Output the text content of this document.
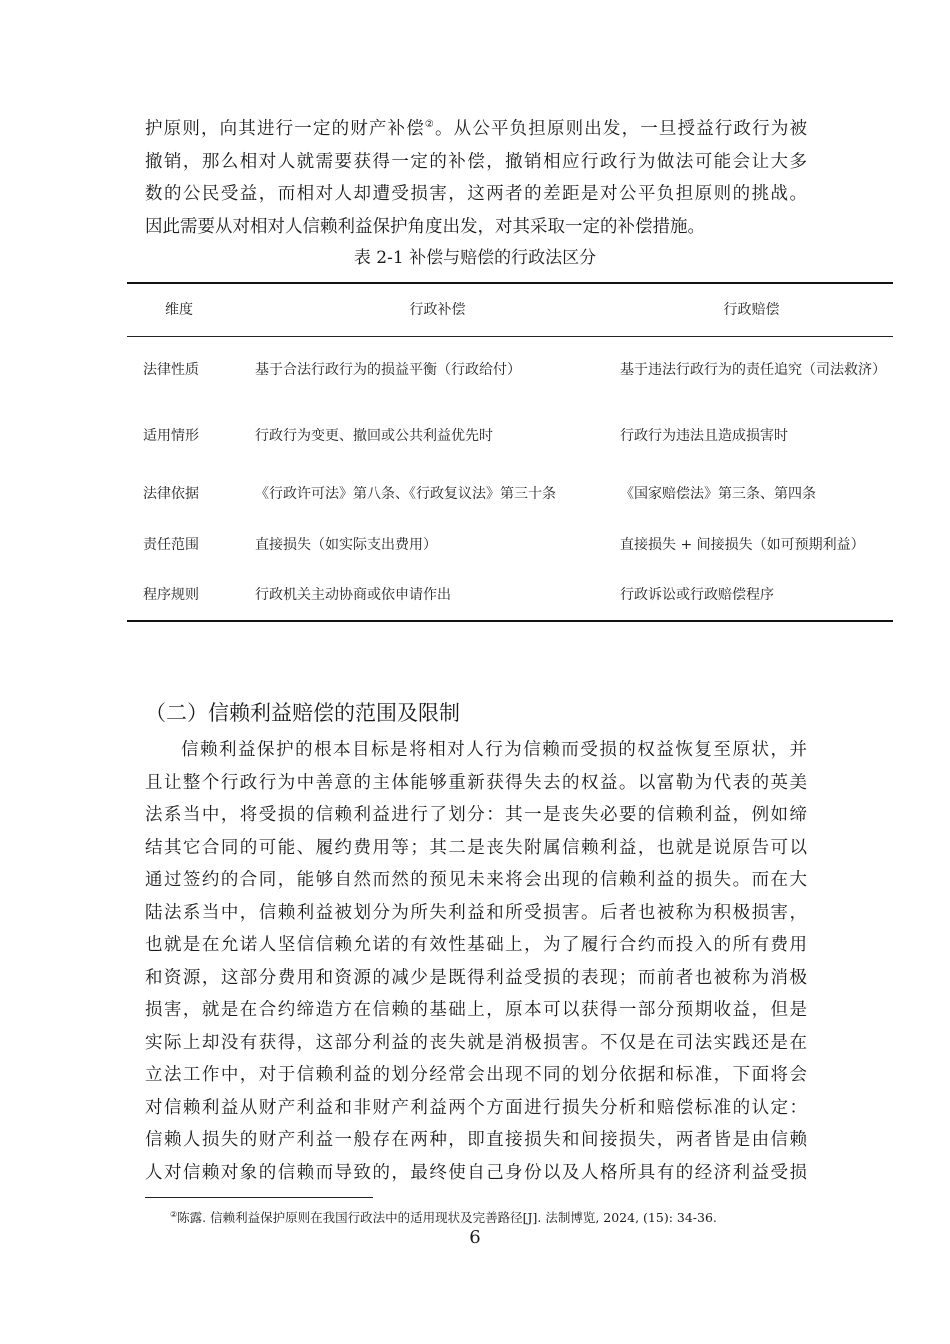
护原则，向其进行一定的财产补偿②。从公平负担原则出发，一旦授益行政行为被
撤销，那么相对人就需要获得一定的补偿，撤销相应行政行为做法可能会让大多
数的公民受益，而相对人却遭受损害，这两者的差距是对公平负担原则的挑战。
因此需要从对相对人信赖利益保护角度出发，对其采取一定的补偿措施。
表 2-1 补偿与赔偿的行政法区分
维度	行政补偿	行政赔偿
法律性质	基于合法行政行为的损益平衡（行政给付）	基于违法行政行为的责任追究（司法救济）
适用情形	行政行为变更、撤回或公共利益优先时	行政行为违法且造成损害时
法律依据	《行政许可法》第八条、《行政复议法》第三十条	《国家赔偿法》第三条、第四条
责任范围	直接损失（如实际支出费用）	直接损失 + 间接损失（如可预期利益）
程序规则	行政机关主动协商或依申请作出	行政诉讼或行政赔偿程序
（二）信赖利益赔偿的范围及限制
信赖利益保护的根本目标是将相对人行为信赖而受损的权益恢复至原状，并
且让整个行政行为中善意的主体能够重新获得失去的权益。以富勒为代表的英美
法系当中，将受损的信赖利益进行了划分：其一是丧失必要的信赖利益，例如缔
结其它合同的可能、履约费用等；其二是丧失附属信赖利益，也就是说原告可以
通过签约的合同，能够自然而然的预见未来将会出现的信赖利益的损失。而在大
陆法系当中，信赖利益被划分为所失利益和所受损害。后者也被称为积极损害，
也就是在允诺人坚信信赖允诺的有效性基础上，为了履行合约而投入的所有费用
和资源，这部分费用和资源的减少是既得利益受损的表现；而前者也被称为消极
损害，就是在合约缔造方在信赖的基础上，原本可以获得一部分预期收益，但是
实际上却没有获得，这部分利益的丧失就是消极损害。不仅是在司法实践还是在
立法工作中，对于信赖利益的划分经常会出现不同的划分依据和标准，下面将会
对信赖利益从财产利益和非财产利益两个方面进行损失分析和赔偿标准的认定：
信赖人损失的财产利益一般存在两种，即直接损失和间接损失，两者皆是由信赖
人对信赖对象的信赖而导致的，最终使自己身份以及人格所具有的经济利益受损
②陈露. 信赖利益保护原则在我国行政法中的适用现状及完善路径[J]. 法制博览, 2024, (15): 34-36.
6
